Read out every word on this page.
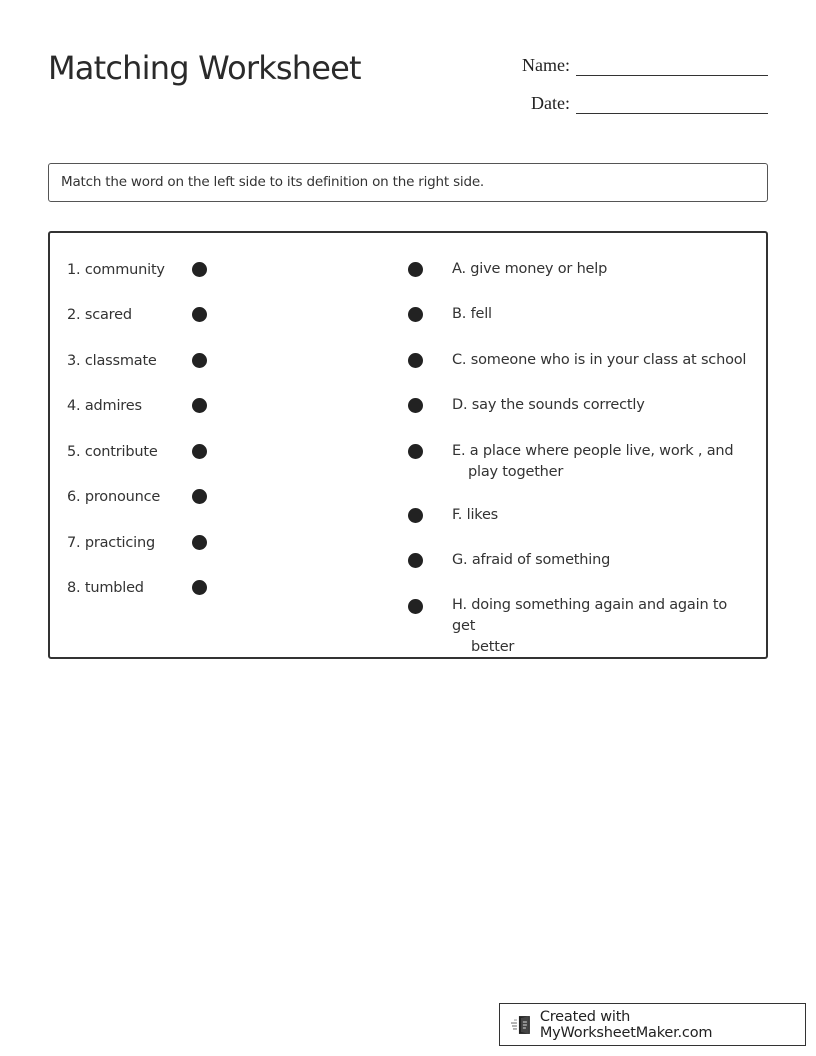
Matching Worksheet	Name:
Date:
Match the word on the left side to its definition on the right side.
1. community
2. scared
3. classmate
4. admires
5. contribute
6. pronounce
7. practicing
8. tumbled
A. give money or help
B. fell
C. someone who is in your class at school
D. say the sounds correctly
E. a place where people live, work , and
play together
F. likes
G. afraid of something
H. doing something again and again to get
better
Created with MyWorksheetMaker.com
